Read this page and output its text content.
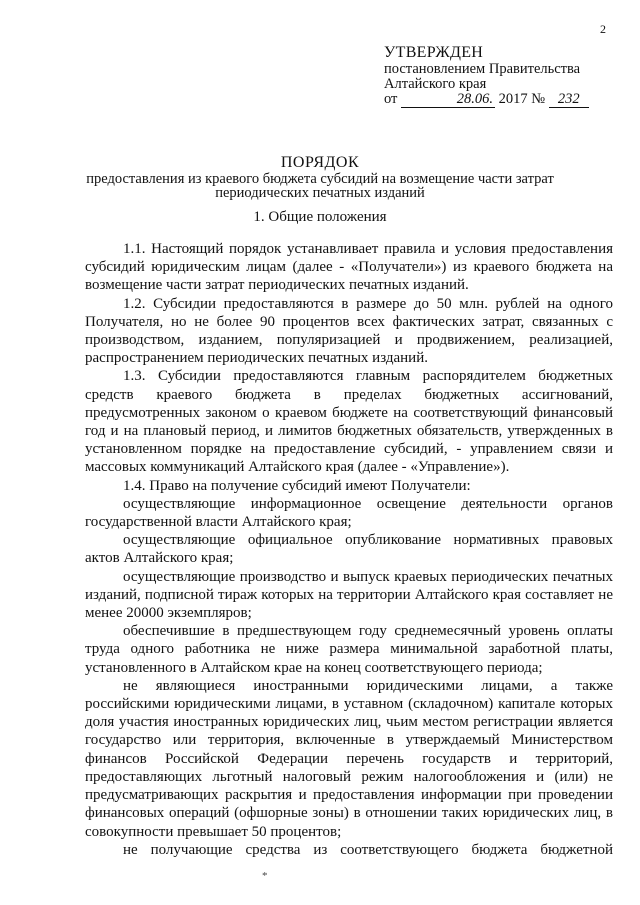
2
УТВЕРЖДЕН
постановлением Правительства
Алтайского края
от	28.06. 2017 № 232
ПОРЯДОК
предоставления из краевого бюджета субсидий на возмещение части затрат периодических печатных изданий
1. Общие положения

1.1. Настоящий порядок устанавливает правила и условия предоставления субсидий юридическим лицам (далее - «Получатели») из краевого бюджета на возмещение части затрат периодических печатных изданий.

1.2. Субсидии предоставляются в размере до 50 млн. рублей на одного Получателя, но не более 90 процентов всех фактических затрат, связанных с производством, изданием, популяризацией и продвижением, реализацией, распространением периодических печатных изданий.

1.3. Субсидии предоставляются главным распорядителем бюджетных средств краевого бюджета в пределах бюджетных ассигнований, предусмотренных законом о краевом бюджете на соответствующий финансовый год и на плановый период, и лимитов бюджетных обязательств, утвержденных в установленном порядке на предоставление субсидий, - управлением связи и массовых коммуникаций Алтайского края (далее - «Управление»).

1.4. Право на получение субсидий имеют Получатели:

осуществляющие информационное освещение деятельности органов государственной власти Алтайского края;

осуществляющие официальное опубликование нормативных правовых актов Алтайского края;

осуществляющие производство и выпуск краевых периодических печатных изданий, подписной тираж которых на территории Алтайского края составляет не менее 20000 экземпляров;

обеспечившие в предшествующем году среднемесячный уровень оплаты труда одного работника не ниже размера минимальной заработной платы, установленного в Алтайском крае на конец соответствующего периода;

не являющиеся иностранными юридическими лицами, а также российскими юридическими лицами, в уставном (складочном) капитале которых доля участия иностранных юридических лиц, чьим местом регистрации является государство или территория, включенные в утверждаемый Министерством финансов Российской Федерации перечень государств и территорий, предоставляющих льготный налоговый режим налогообложения и (или) не предусматривающих раскрытия и предоставления информации при проведении финансовых операций (офшорные зоны) в отношении таких юридических лиц, в совокупности превышает 50 процентов;

не получающие средства из соответствующего бюджета бюджетной

*
